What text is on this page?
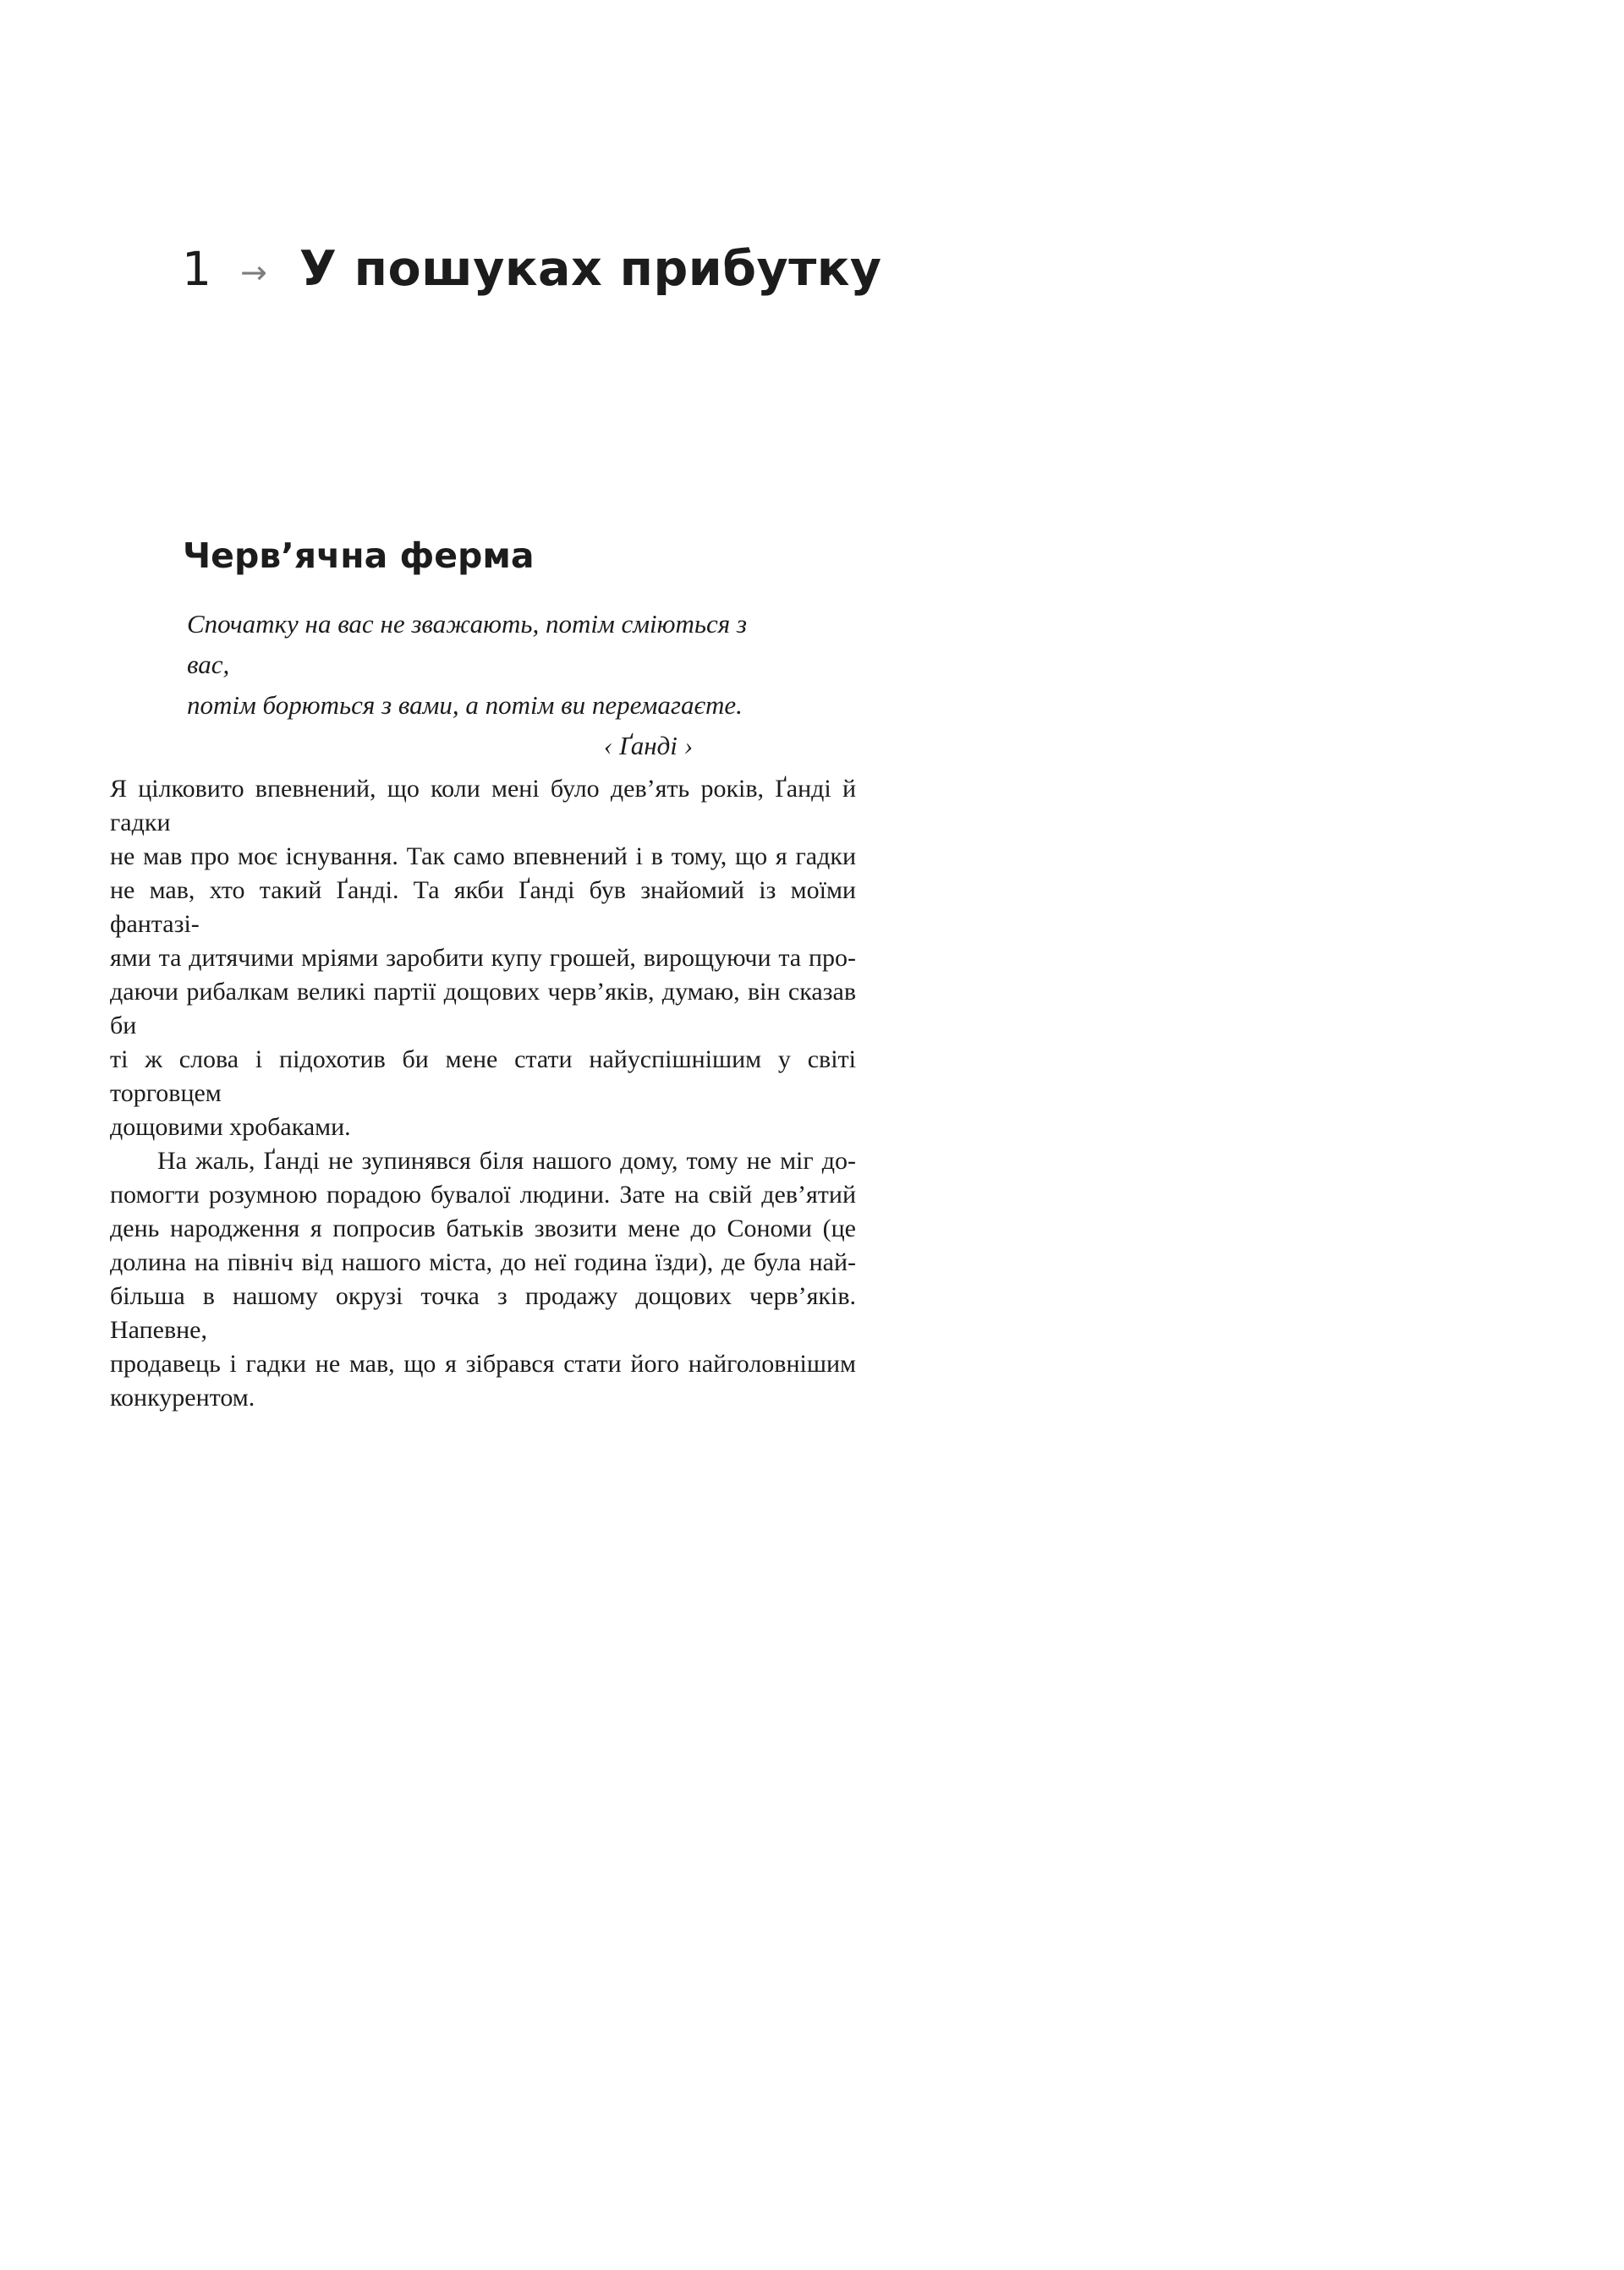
1 → У пошуках прибутку
Черв’ячна ферма
Спочатку на вас не зважають, потім сміються з вас,
потім борються з вами, а потім ви перемагаєте.
‹ Ґанді ›
Я цілковито впевнений, що коли мені було дев’ять років, Ґанді й гадки
не мав про моє існування. Так само впевнений і в тому, що я гадки
не мав, хто такий Ґанді. Та якби Ґанді був знайомий із моїми фантазі-
ями та дитячими мріями заробити купу грошей, вирощуючи та про-
даючи рибалкам великі партії дощових черв’яків, думаю, він сказав би
ті ж слова і підохотив би мене стати найуспішнішим у світі торговцем
дощовими хробаками.
На жаль, Ґанді не зупинявся біля нашого дому, тому не міг до-
помогти розумною порадою бувалої людини. Зате на свій дев’ятий
день народження я попросив батьків звозити мене до Сономи (це
долина на північ від нашого міста, до неї година їзди), де була най-
більша в нашому окрузі точка з продажу дощових черв’яків. Напевне,
продавець і гадки не мав, що я зібрався стати його найголовнішим
конкурентом.
